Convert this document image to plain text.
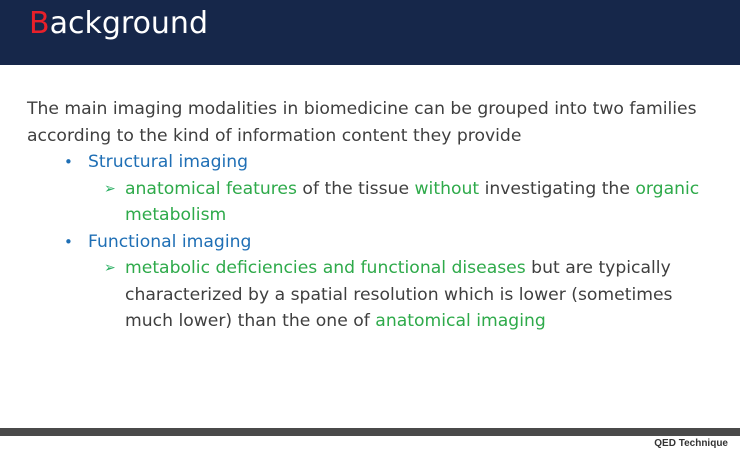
Background

The main imaging modalities in biomedicine can be grouped into two families according to the kind of information content they provide

• Structural imaging

➢ anatomical features of the tissue without investigating the organic metabolism

• Functional imaging

➢ metabolic deficiencies and functional diseases but are typically characterized by a spatial resolution which is lower (sometimes much lower) than the one of anatomical imaging

QED Technique
